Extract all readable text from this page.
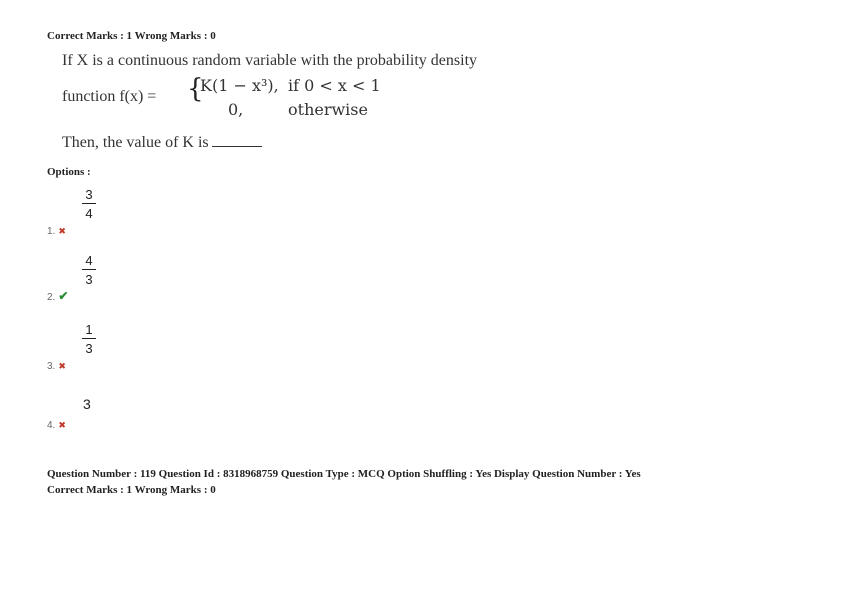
Correct Marks : 1 Wrong Marks : 0
If X is a continuous random variable with the probability density
function f(x) = {
K(1 − x³), if 0 < x < 1
0,	otherwise
Then, the value of K is
Options :
3
4
1. ✖
4
3
2. ✔
1
3
3. ✖
3
4. ✖
Question Number : 119 Question Id : 8318968759 Question Type : MCQ Option Shuffling : Yes Display Question Number : Yes
Correct Marks : 1 Wrong Marks : 0
